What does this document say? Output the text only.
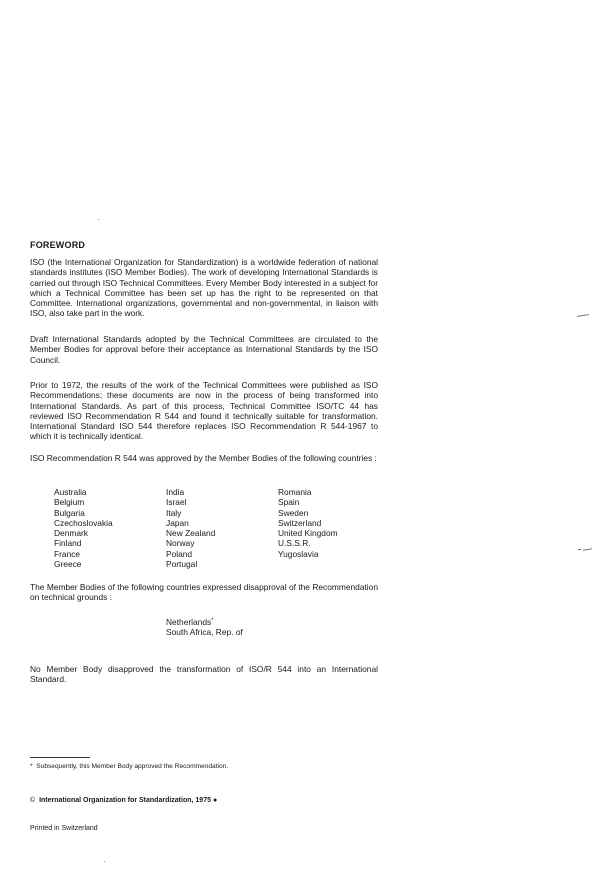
FOREWORD

ISO (the International Organization for Standardization) is a worldwide federation of national standards institutes (ISO Member Bodies). The work of developing International Standards is carried out through ISO Technical Committees. Every Member Body interested in a subject for which a Technical Committee has been set up has the right to be represented on that Committee. International organizations, governmental and non-governmental, in liaison with ISO, also take part in the work.

Draft International Standards adopted by the Technical Committees are circulated to the Member Bodies for approval before their acceptance as International Standards by the ISO Council.

Prior to 1972, the results of the work of the Technical Committees were published as ISO Recommendations; these documents are now in the process of being transformed into International Standards. As part of this process, Technical Committee ISO/TC 44 has reviewed ISO Recommendation R 544 and found it technically suitable for transformation. International Standard ISO 544 therefore replaces ISO Recommendation R 544-1967 to which it is technically identical.

ISO Recommendation R 544 was approved by the Member Bodies of the following countries :

Australia
Belgium
Bulgaria
Czechoslovakia
Denmark
Finland
France
Greece
India
Israel
Italy
Japan
New Zealand
Norway
Poland
Portugal
Romania
Spain
Sweden
Switzerland
United Kingdom
U.S.S.R.
Yugoslavia

The Member Bodies of the following countries expressed disapproval of the Recommendation on technical grounds :

Netherlands*
South Africa, Rep. of

No Member Body disapproved the transformation of ISO/R 544 into an International Standard.

* Subsequently, this Member Body approved the Recommendation.
© International Organization for Standardization, 1975 ●
Printed in Switzerland
